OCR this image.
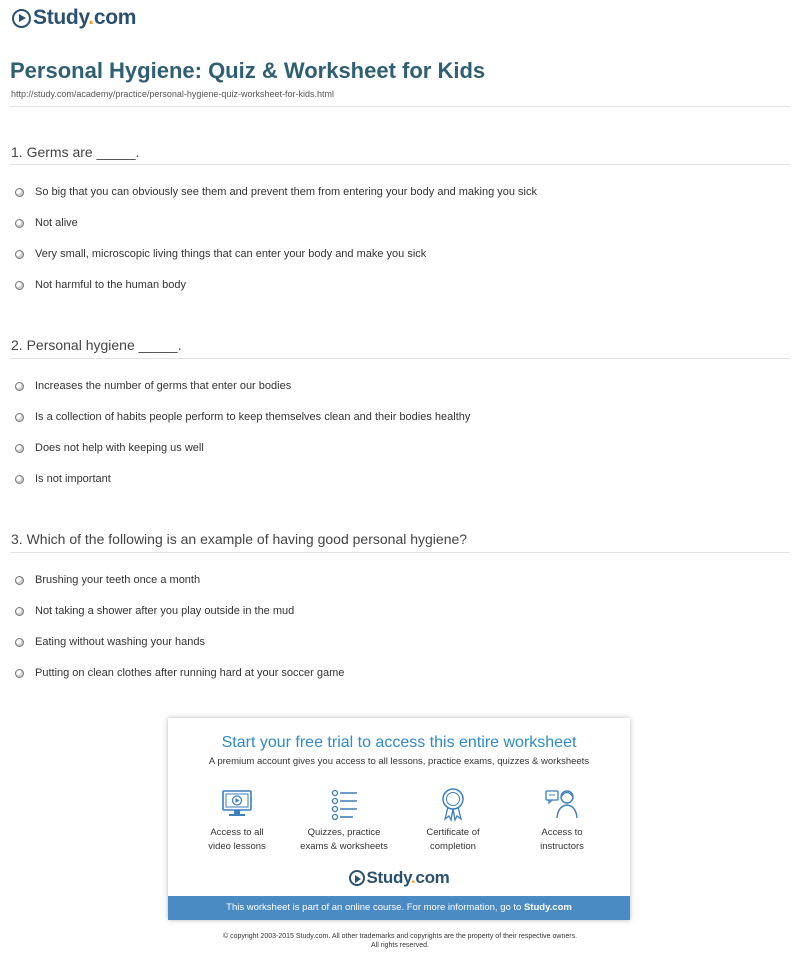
Study.com
Personal Hygiene: Quiz & Worksheet for Kids
http://study.com/academy/practice/personal-hygiene-quiz-worksheet-for-kids.html
1. Germs are _____.
So big that you can obviously see them and prevent them from entering your body and making you sick
Not alive
Very small, microscopic living things that can enter your body and make you sick
Not harmful to the human body
2. Personal hygiene _____.
Increases the number of germs that enter our bodies
Is a collection of habits people perform to keep themselves clean and their bodies healthy
Does not help with keeping us well
Is not important
3. Which of the following is an example of having good personal hygiene?
Brushing your teeth once a month
Not taking a shower after you play outside in the mud
Eating without washing your hands
Putting on clean clothes after running hard at your soccer game
Start your free trial to access this entire worksheet
A premium account gives you access to all lessons, practice exams, quizzes & worksheets
Access to all
video lessons
Quizzes, practice
exams & worksheets
Certificate of
completion
Access to
instructors
Study.com
This worksheet is part of an online course. For more information, go to Study.com
© copyright 2003-2015 Study.com. All other trademarks and copyrights are the property of their respective owners.
All rights reserved.
